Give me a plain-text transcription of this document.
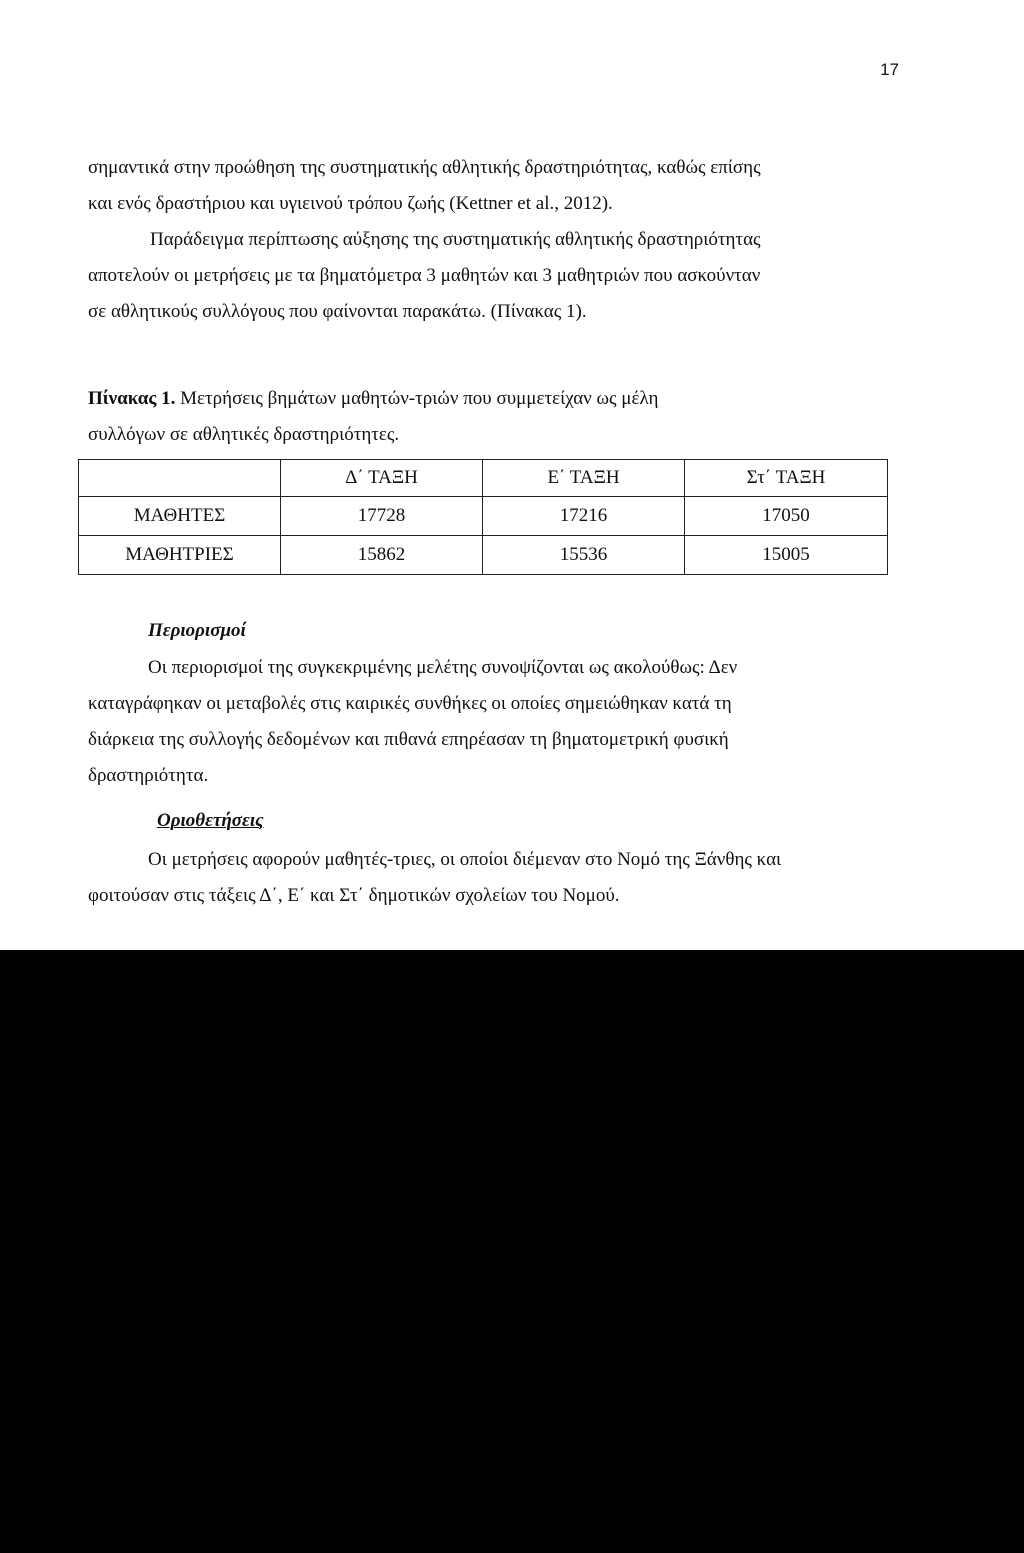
17
σημαντικά στην προώθηση της συστηματικής αθλητικής δραστηριότητας, καθώς επίσης
και ενός δραστήριου και υγιεινού τρόπου ζωής (Kettner et al., 2012).
Παράδειγμα περίπτωσης αύξησης της συστηματικής αθλητικής δραστηριότητας
αποτελούν οι μετρήσεις με τα βηματόμετρα 3 μαθητών και 3 μαθητριών που ασκούνταν
σε αθλητικούς συλλόγους που φαίνονται παρακάτω. (Πίνακας 1).
Πίνακας 1. Μετρήσεις βημάτων μαθητών-τριών που συμμετείχαν ως μέλη
συλλόγων σε αθλητικές δραστηριότητες.
	Δ΄ ΤΑΞΗ	Ε΄ ΤΑΞΗ	Στ΄ ΤΑΞΗ
ΜΑΘΗΤΕΣ	17728	17216	17050
ΜΑΘΗΤΡΙΕΣ	15862	15536	15005
Περιορισμοί
Οι περιορισμοί της συγκεκριμένης μελέτης συνοψίζονται ως ακολούθως: Δεν
καταγράφηκαν οι μεταβολές στις καιρικές συνθήκες οι οποίες σημειώθηκαν κατά τη
διάρκεια της συλλογής δεδομένων και πιθανά επηρέασαν τη βηματομετρική φυσική
δραστηριότητα.
Οριοθετήσεις
Οι μετρήσεις αφορούν μαθητές-τριες, οι οποίοι διέμεναν στο Νομό της Ξάνθης και
φοιτούσαν στις τάξεις Δ΄, Ε΄ και Στ΄ δημοτικών σχολείων του Νομού.
